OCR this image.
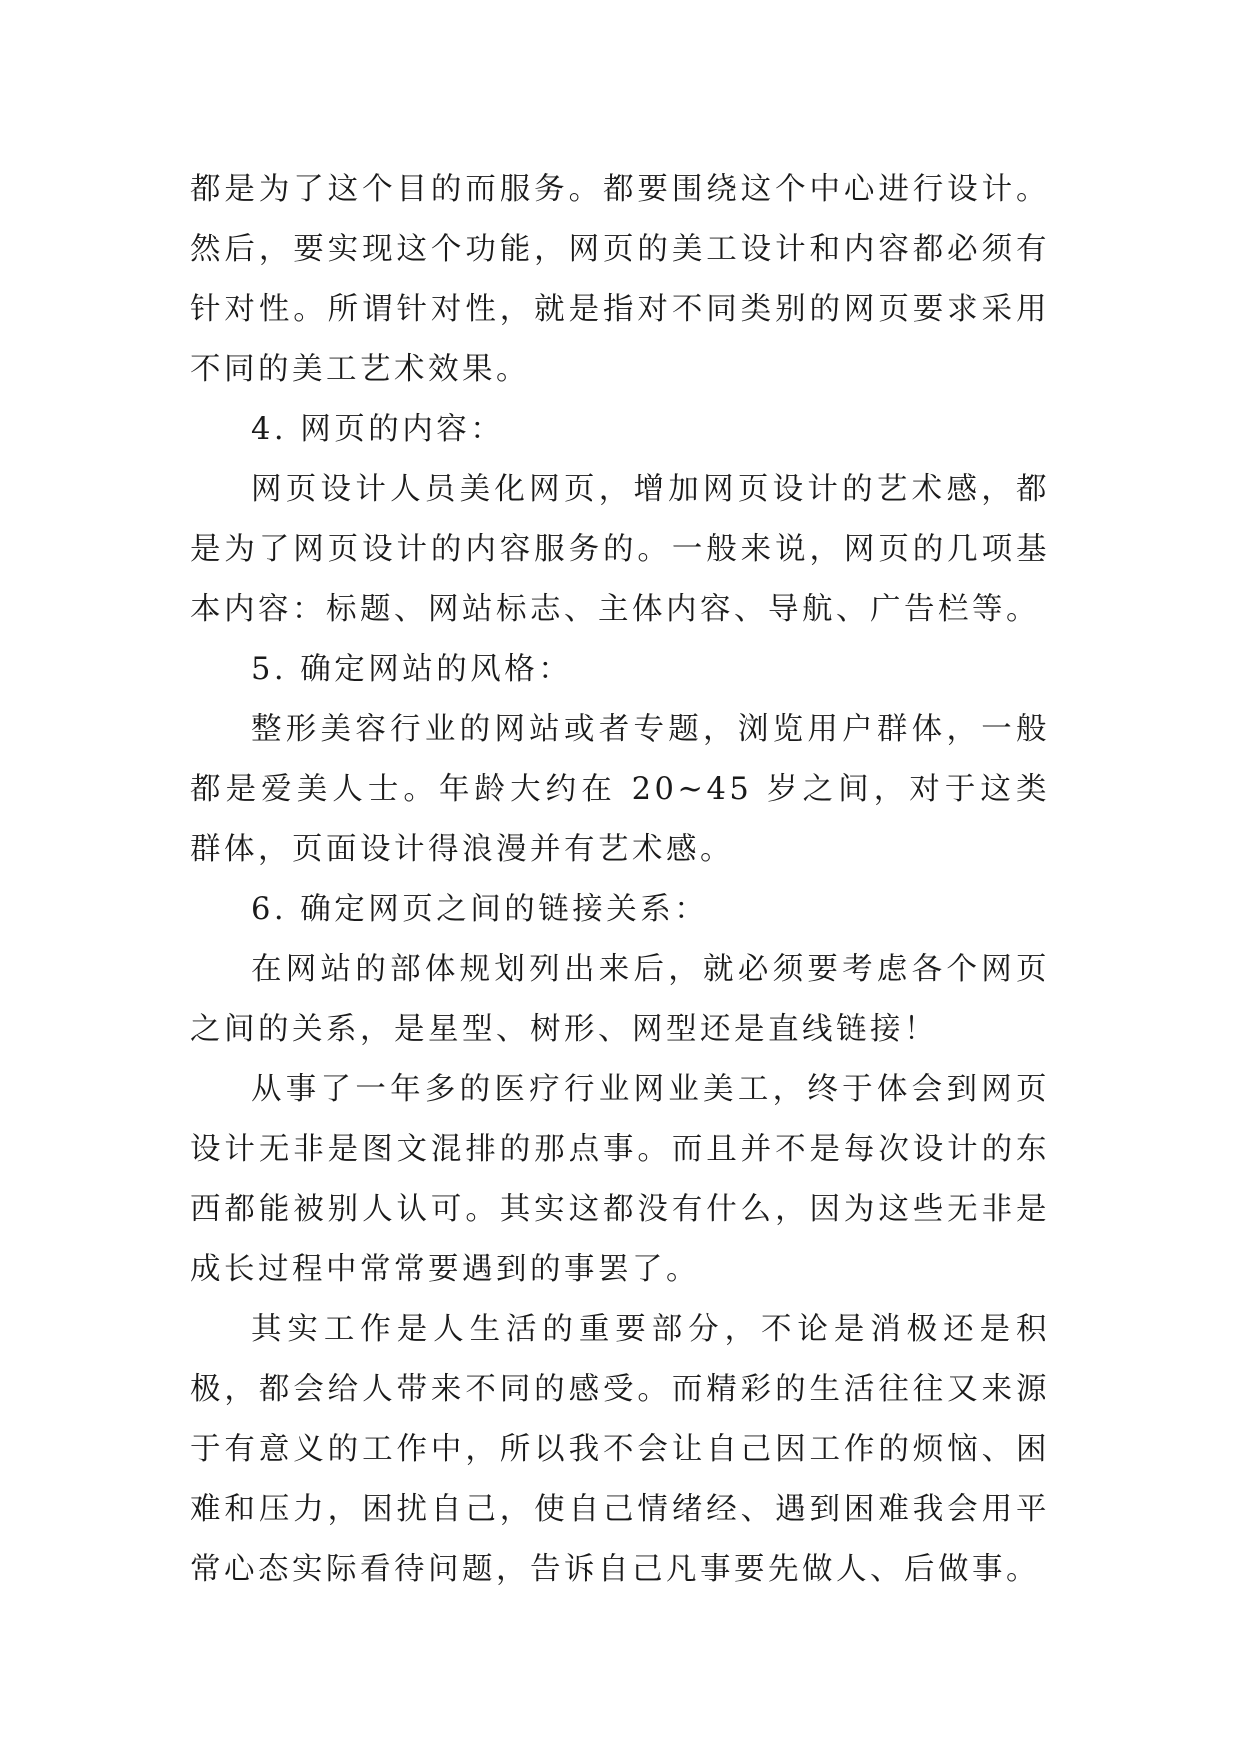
都是为了这个目的而服务。都要围绕这个中心进行设计。然后，要实现这个功能，网页的美工设计和内容都必须有针对性。所谓针对性，就是指对不同类别的网页要求采用不同的美工艺术效果。

4. 网页的内容：

网页设计人员美化网页，增加网页设计的艺术感，都是为了网页设计的内容服务的。一般来说，网页的几项基本内容：标题、网站标志、主体内容、导航、广告栏等。

5. 确定网站的风格：

整形美容行业的网站或者专题，浏览用户群体，一般都是爱美人士。年龄大约在 20~45 岁之间，对于这类群体，页面设计得浪漫并有艺术感。

6. 确定网页之间的链接关系：

在网站的部体规划列出来后，就必须要考虑各个网页之间的关系，是星型、树形、网型还是直线链接！

从事了一年多的医疗行业网业美工，终于体会到网页设计无非是图文混排的那点事。而且并不是每次设计的东西都能被别人认可。其实这都没有什么，因为这些无非是成长过程中常常要遇到的事罢了。

其实工作是人生活的重要部分，不论是消极还是积极，都会给人带来不同的感受。而精彩的生活往往又来源于有意义的工作中，所以我不会让自己因工作的烦恼、困难和压力，困扰自己，使自己情绪经、遇到困难我会用平常心态实际看待问题，告诉自己凡事要先做人、后做事。
